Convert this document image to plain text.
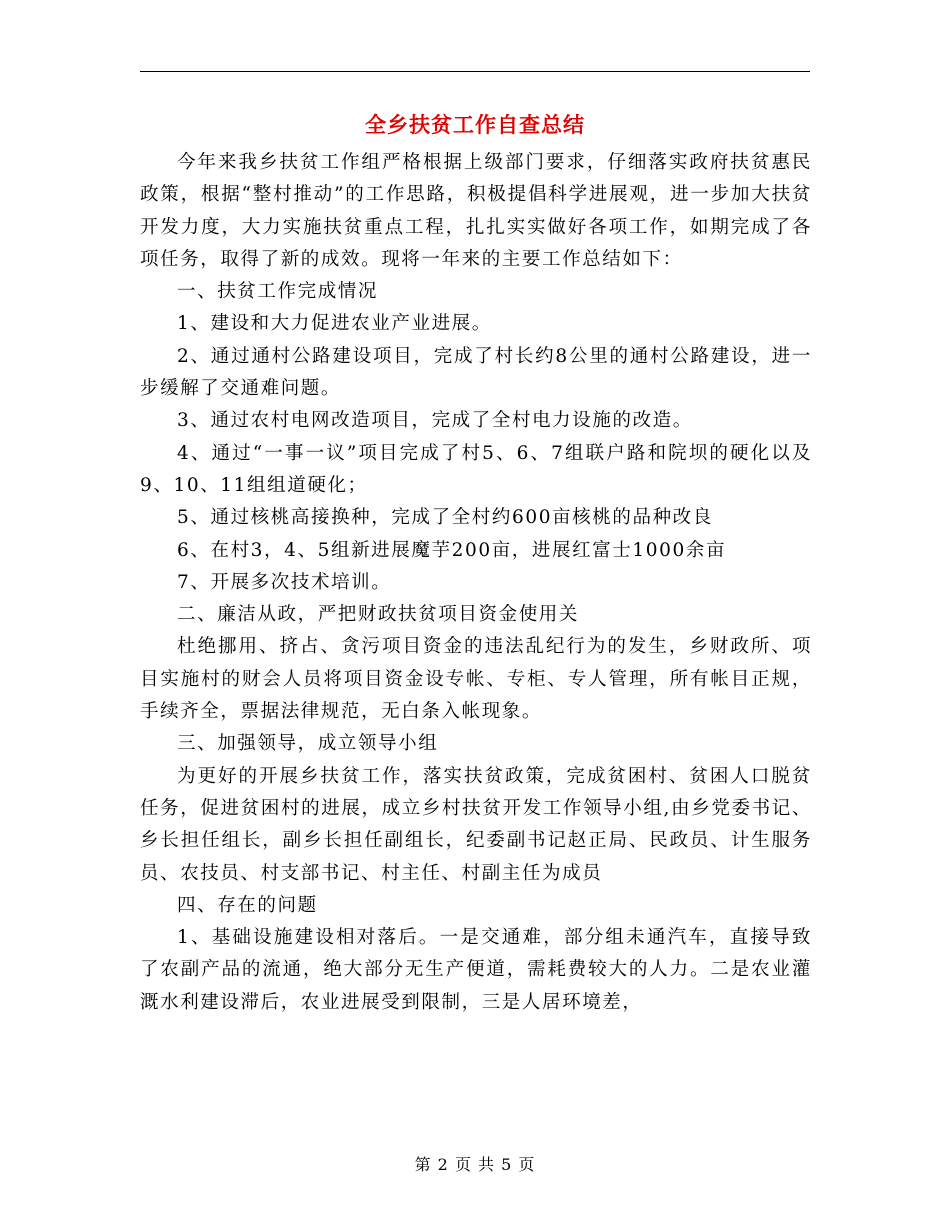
全乡扶贫工作自查总结

今年来我乡扶贫工作组严格根据上级部门要求，仔细落实政府扶贫惠民政策，根据“整村推动”的工作思路，积极提倡科学进展观，进一步加大扶贫开发力度，大力实施扶贫重点工程，扎扎实实做好各项工作，如期完成了各项任务，取得了新的成效。现将一年来的主要工作总结如下：

一、扶贫工作完成情况

1、建设和大力促进农业产业进展。

2、通过通村公路建设项目，完成了村长约8公里的通村公路建设，进一步缓解了交通难问题。

3、通过农村电网改造项目，完成了全村电力设施的改造。

4、通过“一事一议”项目完成了村5、6、7组联户路和院坝的硬化以及9、10、11组组道硬化；

5、通过核桃高接换种，完成了全村约600亩核桃的品种改良

6、在村3，4、5组新进展魔芋200亩，进展红富士1000余亩

7、开展多次技术培训。

二、廉洁从政，严把财政扶贫项目资金使用关

杜绝挪用、挤占、贪污项目资金的违法乱纪行为的发生，乡财政所、项目实施村的财会人员将项目资金设专帐、专柜、专人管理，所有帐目正规，手续齐全，票据法律规范，无白条入帐现象。

三、加强领导，成立领导小组

为更好的开展乡扶贫工作，落实扶贫政策，完成贫困村、贫困人口脱贫任务，促进贫困村的进展，成立乡村扶贫开发工作领导小组,由乡党委书记、乡长担任组长，副乡长担任副组长，纪委副书记赵正局、民政员、计生服务员、农技员、村支部书记、村主任、村副主任为成员

四、存在的问题

1、基础设施建设相对落后。一是交通难，部分组未通汽车，直接导致了农副产品的流通，绝大部分无生产便道，需耗费较大的人力。二是农业灌溉水利建设滞后，农业进展受到限制，三是人居环境差，

第 2 页 共 5 页
